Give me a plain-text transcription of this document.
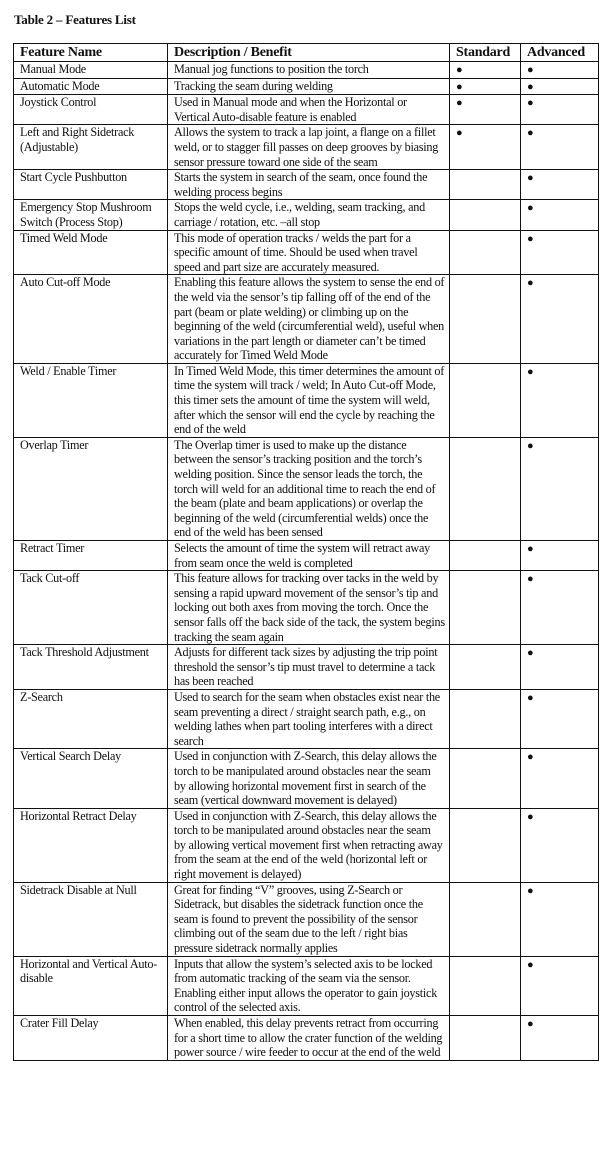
Table 2 – Features List
Feature Name	Description / Benefit	Standard	Advanced
Manual Mode	Manual jog functions to position the torch	●	●
Automatic Mode	Tracking the seam during welding	●	●
Joystick Control	Used in Manual mode and when the Horizontal or Vertical Auto-disable feature is enabled	●	●
Left and Right Sidetrack (Adjustable)	Allows the system to track a lap joint, a flange on a fillet weld, or to stagger fill passes on deep grooves by biasing sensor pressure toward one side of the seam	●	●
Start Cycle Pushbutton	Starts the system in search of the seam, once found the welding process begins		●
Emergency Stop Mushroom Switch (Process Stop)	Stops the weld cycle, i.e., welding, seam tracking, and carriage / rotation, etc. –all stop		●
Timed Weld Mode	This mode of operation tracks / welds the part for a specific amount of time. Should be used when travel speed and part size are accurately measured.		●
Auto Cut-off Mode	Enabling this feature allows the system to sense the end of the weld via the sensor’s tip falling off of the end of the part (beam or plate welding) or climbing up on the beginning of the weld (circumferential weld), useful when variations in the part length or diameter can’t be timed accurately for Timed Weld Mode		●
Weld / Enable Timer	In Timed Weld Mode, this timer determines the amount of time the system will track / weld; In Auto Cut-off Mode, this timer sets the amount of time the system will weld, after which the sensor will end the cycle by reaching the end of the weld		●
Overlap Timer	The Overlap timer is used to make up the distance between the sensor’s tracking position and the torch’s welding position. Since the sensor leads the torch, the torch will weld for an additional time to reach the end of the beam (plate and beam applications) or overlap the beginning of the weld (circumferential welds) once the end of the weld has been sensed		●
Retract Timer	Selects the amount of time the system will retract away from seam once the weld is completed		●
Tack Cut-off	This feature allows for tracking over tacks in the weld by sensing a rapid upward movement of the sensor’s tip and locking out both axes from moving the torch. Once the sensor falls off the back side of the tack, the system begins tracking the seam again		●
Tack Threshold Adjustment	Adjusts for different tack sizes by adjusting the trip point threshold the sensor’s tip must travel to determine a tack has been reached		●
Z-Search	Used to search for the seam when obstacles exist near the seam preventing a direct / straight search path, e.g., on welding lathes when part tooling interferes with a direct search		●
Vertical Search Delay	Used in conjunction with Z-Search, this delay allows the torch to be manipulated around obstacles near the seam by allowing horizontal movement first in search of the seam (vertical downward movement is delayed)		●
Horizontal Retract Delay	Used in conjunction with Z-Search, this delay allows the torch to be manipulated around obstacles near the seam by allowing vertical movement first when retracting away from the seam at the end of the weld (horizontal left or right movement is delayed)		●
Sidetrack Disable at Null	Great for finding “V” grooves, using Z-Search or Sidetrack, but disables the sidetrack function once the seam is found to prevent the possibility of the sensor climbing out of the seam due to the left / right bias pressure sidetrack normally applies		●
Horizontal and Vertical Auto-disable	Inputs that allow the system’s selected axis to be locked from automatic tracking of the seam via the sensor. Enabling either input allows the operator to gain joystick control of the selected axis.		●
Crater Fill Delay	When enabled, this delay prevents retract from occurring for a short time to allow the crater function of the welding power source / wire feeder to occur at the end of the weld		●
